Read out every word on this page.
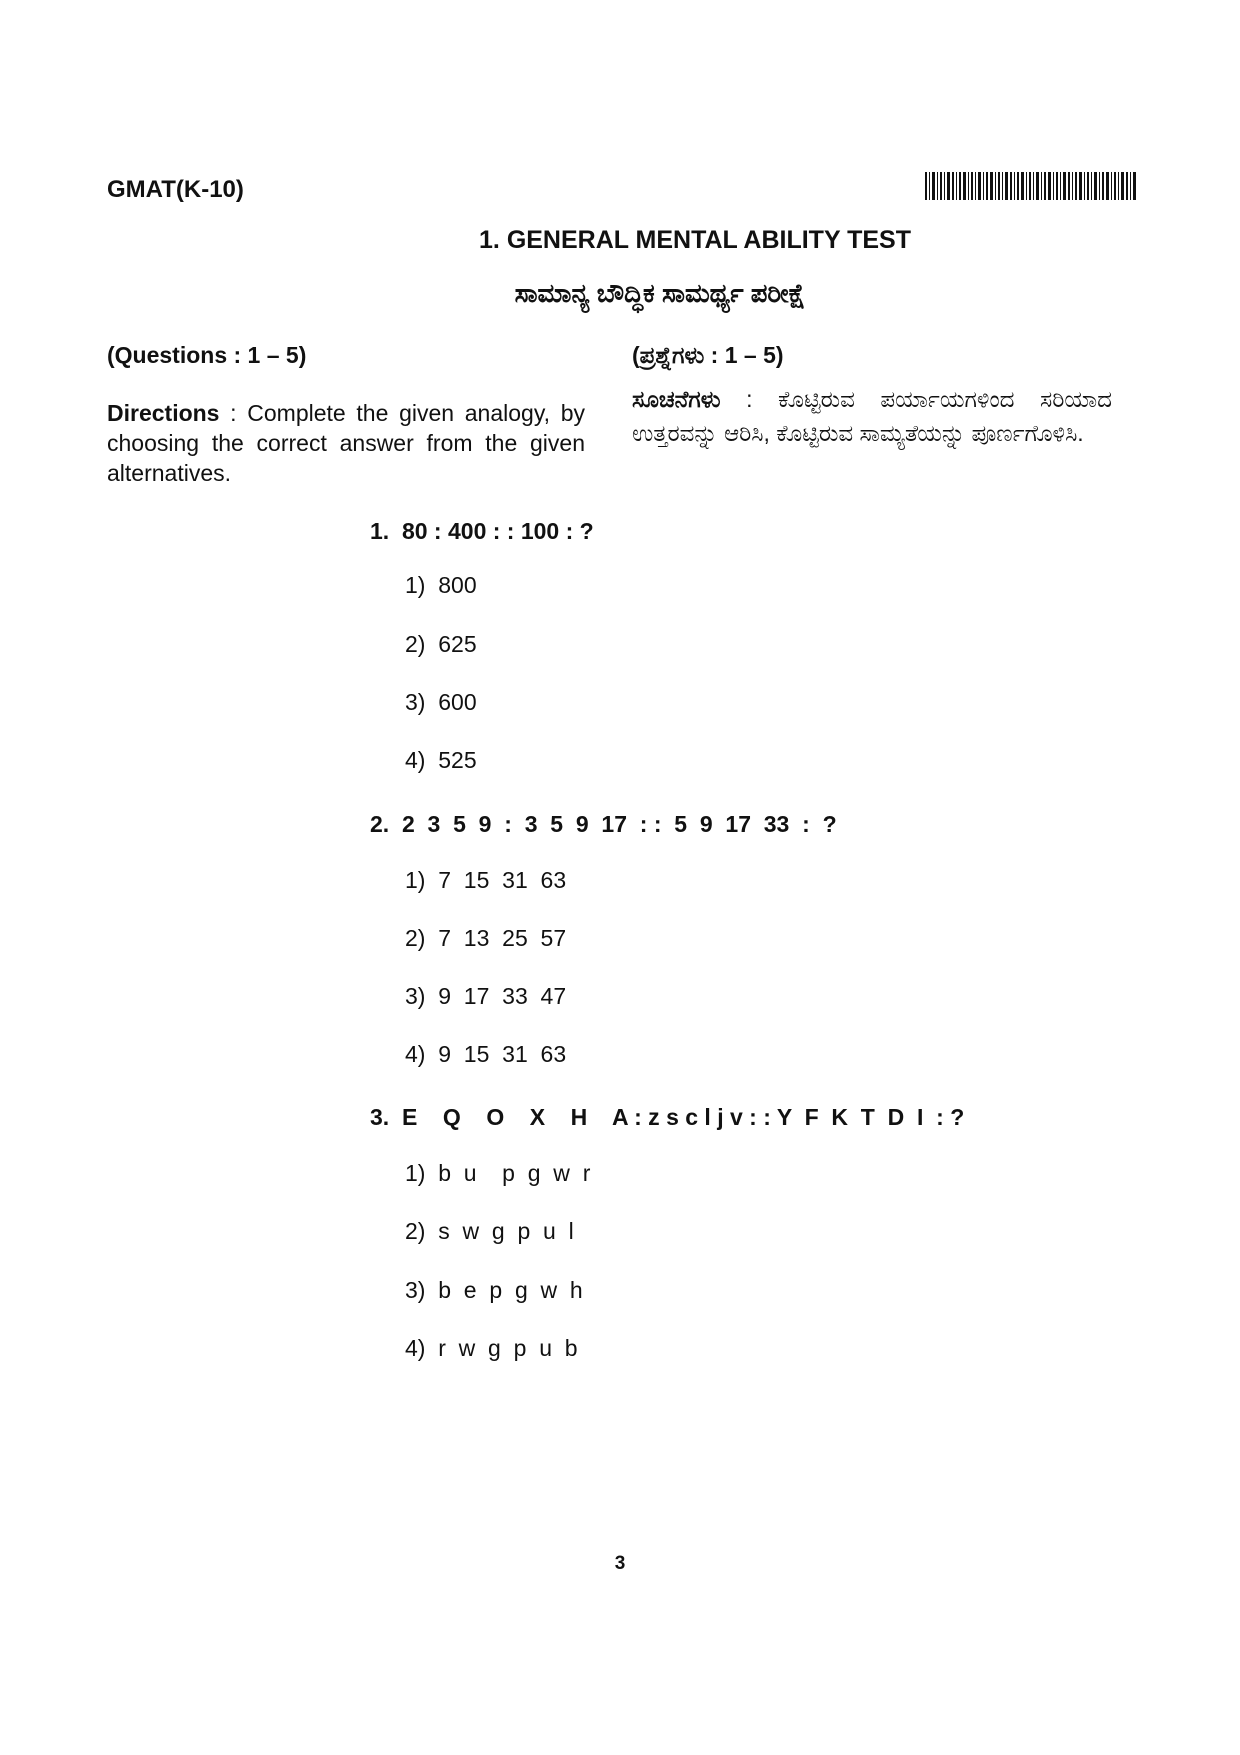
GMAT(K-10)
1. GENERAL MENTAL ABILITY TEST
ಸಾಮಾನ್ಯ ಬೌದ್ಧಿಕ ಸಾಮರ್ಥ್ಯ ಪರೀಕ್ಷೆ
(Questions : 1 – 5)	(ಪ್ರಶ್ನೆಗಳು : 1 – 5)
Directions : Complete the given analogy, by choosing the correct answer from the given alternatives.
ಸೂಚನೆಗಳು : ಕೊಟ್ಟಿರುವ ಪರ್ಯಾಯಗಳಿಂದ ಸರಿಯಾದ ಉತ್ತರವನ್ನು ಆರಿಸಿ, ಕೊಟ್ಟಿರುವ ಸಾಮ್ಯತೆಯನ್ನು ಪೂರ್ಣಗೊಳಿಸಿ.
1.  80 : 400 : : 100 : ?
1)  800
2)  625
3)  600
4)  525
2.  2  3  5  9  :  3  5  9  17  : :  5  9  17  33  :  ?
1)  7  15  31  63
2)  7  13  25  57
3)  9  17  33  47
4)  9  15  31  63
3.  E    Q    O    X    H    A : z s c l j v : : Y  F  K  T  D  I  : ?
1)  b  u    p  g  w  r
2)  s  w  g  p  u  l
3)  b  e  p  g  w  h
4)  r  w  g  p  u  b
3
